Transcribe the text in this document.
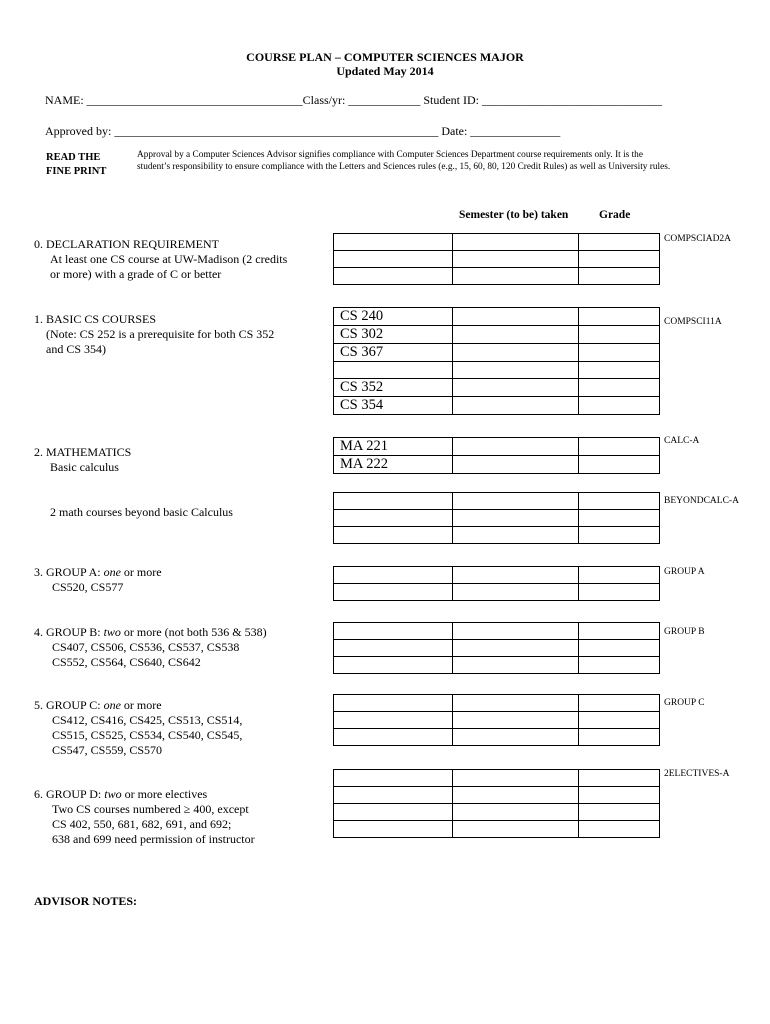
COURSE PLAN – COMPUTER SCIENCES MAJOR
Updated May 2014
NAME: ____________________________________Class/yr: ____________ Student ID: ______________________________
Approved by: ______________________________________________________ Date: _______________
READ THE
FINE PRINT
Approval by a Computer Sciences Advisor signifies compliance with Computer Sciences Department course requirements only. It is the
student’s responsibility to ensure compliance with the Letters and Sciences rules (e.g., 15, 60, 80, 120 Credit Rules) as well as University rules.
Semester (to be) taken	Grade
0. DECLARATION REQUIREMENT
At least one CS course at UW-Madison (2 credits
or more) with a grade of C or better
COMPSCIAD2A

1. BASIC CS COURSES
(Note: CS 252 is a prerequisite for both CS 352
and CS 354)
COMPSCI11A
CS 240		
CS 302		
CS 367		

CS 352		
CS 354		
2. MATHEMATICS
Basic calculus
CALC-A
MA 221		
MA 222		
2 math courses beyond basic Calculus
BEYONDCALC-A

3. GROUP A: one or more
CS520, CS577
GROUP A

4. GROUP B: two or more (not both 536 & 538)
CS407, CS506, CS536, CS537, CS538
CS552, CS564, CS640, CS642
GROUP B

5. GROUP C: one or more
CS412, CS416, CS425, CS513, CS514,
CS515, CS525, CS534, CS540, CS545,
CS547, CS559, CS570
GROUP C

6. GROUP D: two or more electives
Two CS courses numbered ≥ 400, except
CS 402, 550, 681, 682, 691, and 692;
638 and 699 need permission of instructor
2ELECTIVES-A

ADVISOR NOTES:
